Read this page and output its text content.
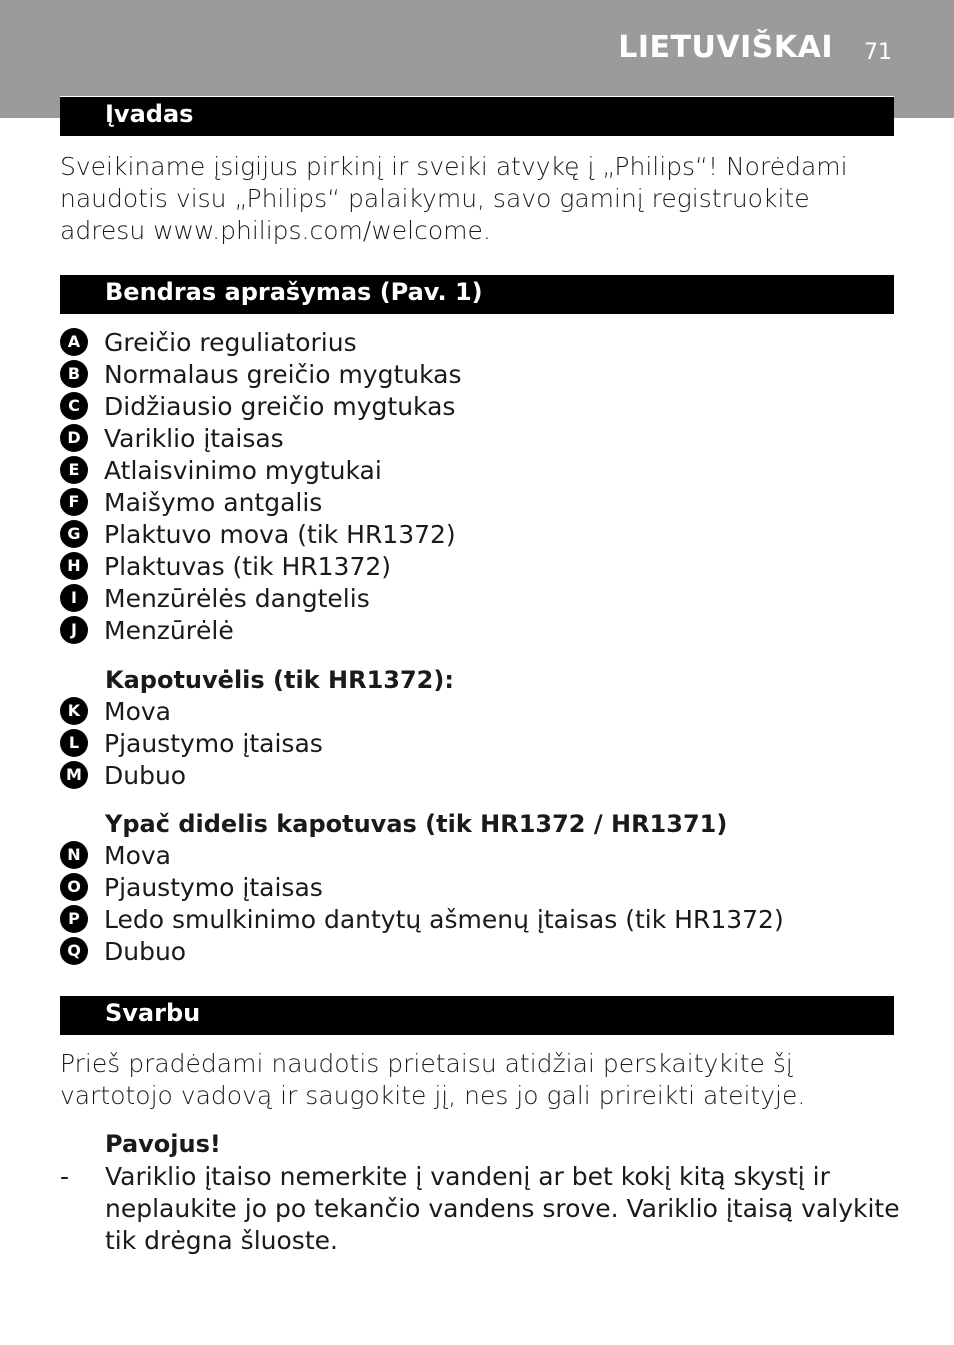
LIETUVIŠKAI 71
Įvadas
Sveikiname įsigijus pirkinį ir sveiki atvykę į „Philips“! Norėdami naudotis visu „Philips“ palaikymu, savo gaminį registruokite adresu www.philips.com/welcome.
Bendras aprašymas (Pav. 1)
A Greičio reguliatorius
B Normalaus greičio mygtukas
C Didžiausio greičio mygtukas
D Variklio įtaisas
E Atlaisvinimo mygtukai
F Maišymo antgalis
G Plaktuvo mova (tik HR1372)
H Plaktuvas (tik HR1372)
I	Menzūrėlės dangtelis
J	Menzūrėlė
Kapotuvėlis (tik HR1372):
K Mova
L Pjaustymo įtaisas
M Dubuo
Ypač didelis kapotuvas (tik HR1372 / HR1371)
N Mova
O Pjaustymo įtaisas
P Ledo smulkinimo dantytų ašmenų įtaisas (tik HR1372)
Q Dubuo
Svarbu
Prieš pradėdami naudotis prietaisu atidžiai perskaitykite šį vartotojo vadovą ir saugokite jį, nes jo gali prireikti ateityje.
Pavojus!
- Variklio įtaiso nemerkite į vandenį ar bet kokį kitą skystį ir neplaukite jo po tekančio vandens srove. Variklio įtaisą valykite tik drėgna šluoste.
